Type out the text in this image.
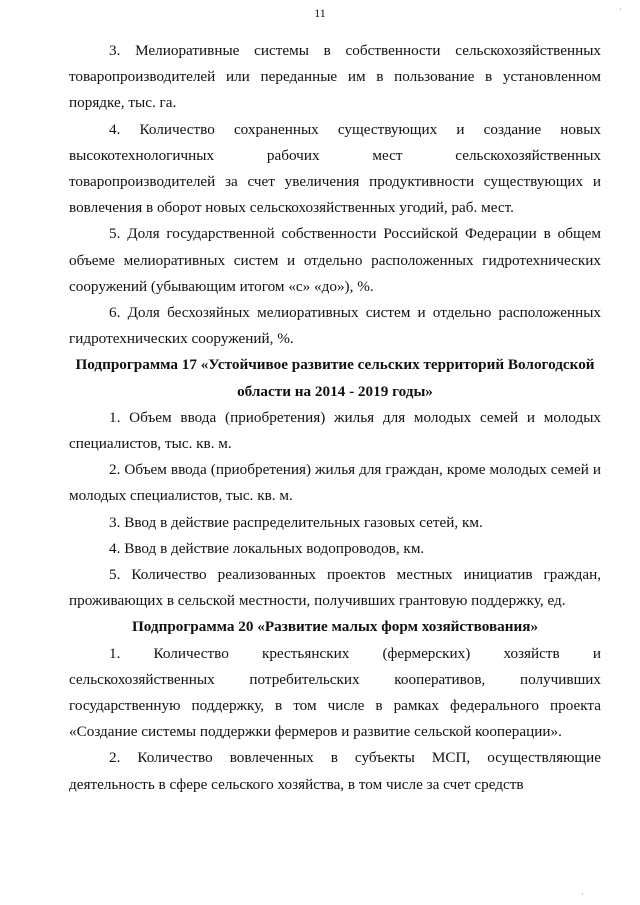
11	·
·

3. Мелиоративные системы в собственности сельскохозяйственных товаропроизводителей или переданные им в пользование в установленном порядке, тыс. га.

4. Количество сохраненных существующих и создание новых высокотехнологичных рабочих мест сельскохозяйственных товаропроизводителей за счет увеличения продуктивности существующих и вовлечения в оборот новых сельскохозяйственных угодий, раб. мест.

5. Доля государственной собственности Российской Федерации в общем объеме мелиоративных систем и отдельно расположенных гидротехнических сооружений (убывающим итогом «с» «до»), %.

6. Доля бесхозяйных мелиоративных систем и отдельно расположенных гидротехнических сооружений, %.

Подпрограмма 17 «Устойчивое развитие сельских территорий Вологодской области на 2014 - 2019 годы»

1. Объем ввода (приобретения) жилья для молодых семей и молодых специалистов, тыс. кв. м.

2. Объем ввода (приобретения) жилья для граждан, кроме молодых семей и молодых специалистов, тыс. кв. м.

3. Ввод в действие распределительных газовых сетей, км.

4. Ввод в действие локальных водопроводов, км.

5. Количество реализованных проектов местных инициатив граждан, проживающих в сельской местности, получивших грантовую поддержку, ед.

Подпрограмма 20 «Развитие малых форм хозяйствования»

1. Количество крестьянских (фермерских) хозяйств и сельскохозяйственных потребительских кооперативов, получивших государственную поддержку, в том числе в рамках федерального проекта «Создание системы поддержки фермеров и развитие сельской кооперации».

2. Количество вовлеченных в субъекты МСП, осуществляющие деятельность в сфере сельского хозяйства, в том числе за счет средств
